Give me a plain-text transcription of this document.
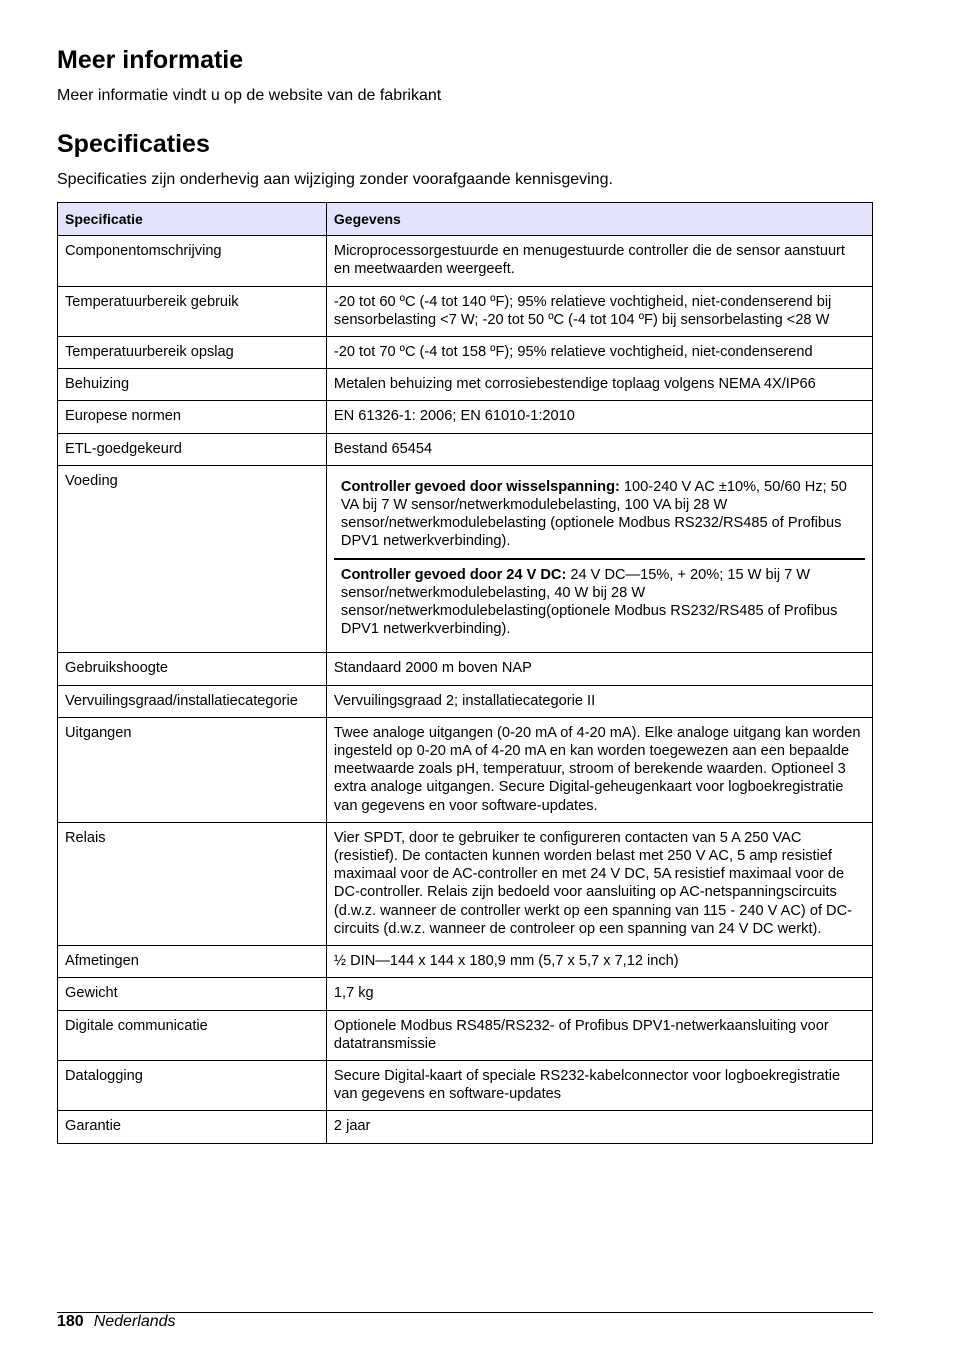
Meer informatie

Meer informatie vindt u op de website van de fabrikant

Specificaties

Specificaties zijn onderhevig aan wijziging zonder voorafgaande kennisgeving.

Specificatie	Gegevens
Componentomschrijving	Microprocessorgestuurde en menugestuurde controller die de sensor aanstuurt en meetwaarden weergeeft.
Temperatuurbereik gebruik	-20 tot 60 ºC (-4 tot 140 ºF); 95% relatieve vochtigheid, niet-condenserend bij sensorbelasting <7 W; -20 tot 50 ºC (-4 tot 104 ºF) bij sensorbelasting <28 W
Temperatuurbereik opslag	-20 tot 70 ºC (-4 tot 158 ºF); 95% relatieve vochtigheid, niet-condenserend
Behuizing	Metalen behuizing met corrosiebestendige toplaag volgens NEMA 4X/IP66
Europese normen	EN 61326-1: 2006; EN 61010-1:2010
ETL-goedgekeurd	Bestand 65454
Voeding	Controller gevoed door wisselspanning: 100-240 V AC ±10%, 50/60 Hz; 50 VA bij 7 W sensor/netwerkmodulebelasting, 100 VA bij 28 W sensor/netwerkmodulebelasting (optionele Modbus RS232/RS485 of Profibus DPV1 netwerkverbinding).
Controller gevoed door 24 V DC: 24 V DC—15%, + 20%; 15 W bij 7 W sensor/netwerkmodulebelasting, 40 W bij 28 W sensor/netwerkmodulebelasting(optionele Modbus RS232/RS485 of Profibus DPV1 netwerkverbinding).

Gebruikshoogte	Standaard 2000 m boven NAP
Vervuilingsgraad/installatiecategorie	Vervuilingsgraad 2; installatiecategorie II
Uitgangen	Twee analoge uitgangen (0-20 mA of 4-20 mA). Elke analoge uitgang kan worden ingesteld op 0-20 mA of 4-20 mA en kan worden toegewezen aan een bepaalde meetwaarde zoals pH, temperatuur, stroom of berekende waarden. Optioneel 3 extra analoge uitgangen. Secure Digital-geheugenkaart voor logboekregistratie van gegevens en voor software-updates.
Relais	Vier SPDT, door te gebruiker te configureren contacten van 5 A 250 VAC (resistief). De contacten kunnen worden belast met 250 V AC, 5 amp resistief maximaal voor de AC-controller en met 24 V DC, 5A resistief maximaal voor de DC-controller. Relais zijn bedoeld voor aansluiting op AC-netspanningscircuits (d.w.z. wanneer de controller werkt op een spanning van 115 - 240 V AC) of DC-circuits (d.w.z. wanneer de controleer op een spanning van 24 V DC werkt).
Afmetingen	½ DIN—144 x 144 x 180,9 mm (5,7 x 5,7 x 7,12 inch)
Gewicht	1,7 kg
Digitale communicatie	Optionele Modbus RS485/RS232- of Profibus DPV1-netwerkaansluiting voor datatransmissie
Datalogging	Secure Digital-kaart of speciale RS232-kabelconnector voor logboekregistratie van gegevens en software-updates
Garantie	2 jaar
180 Nederlands
